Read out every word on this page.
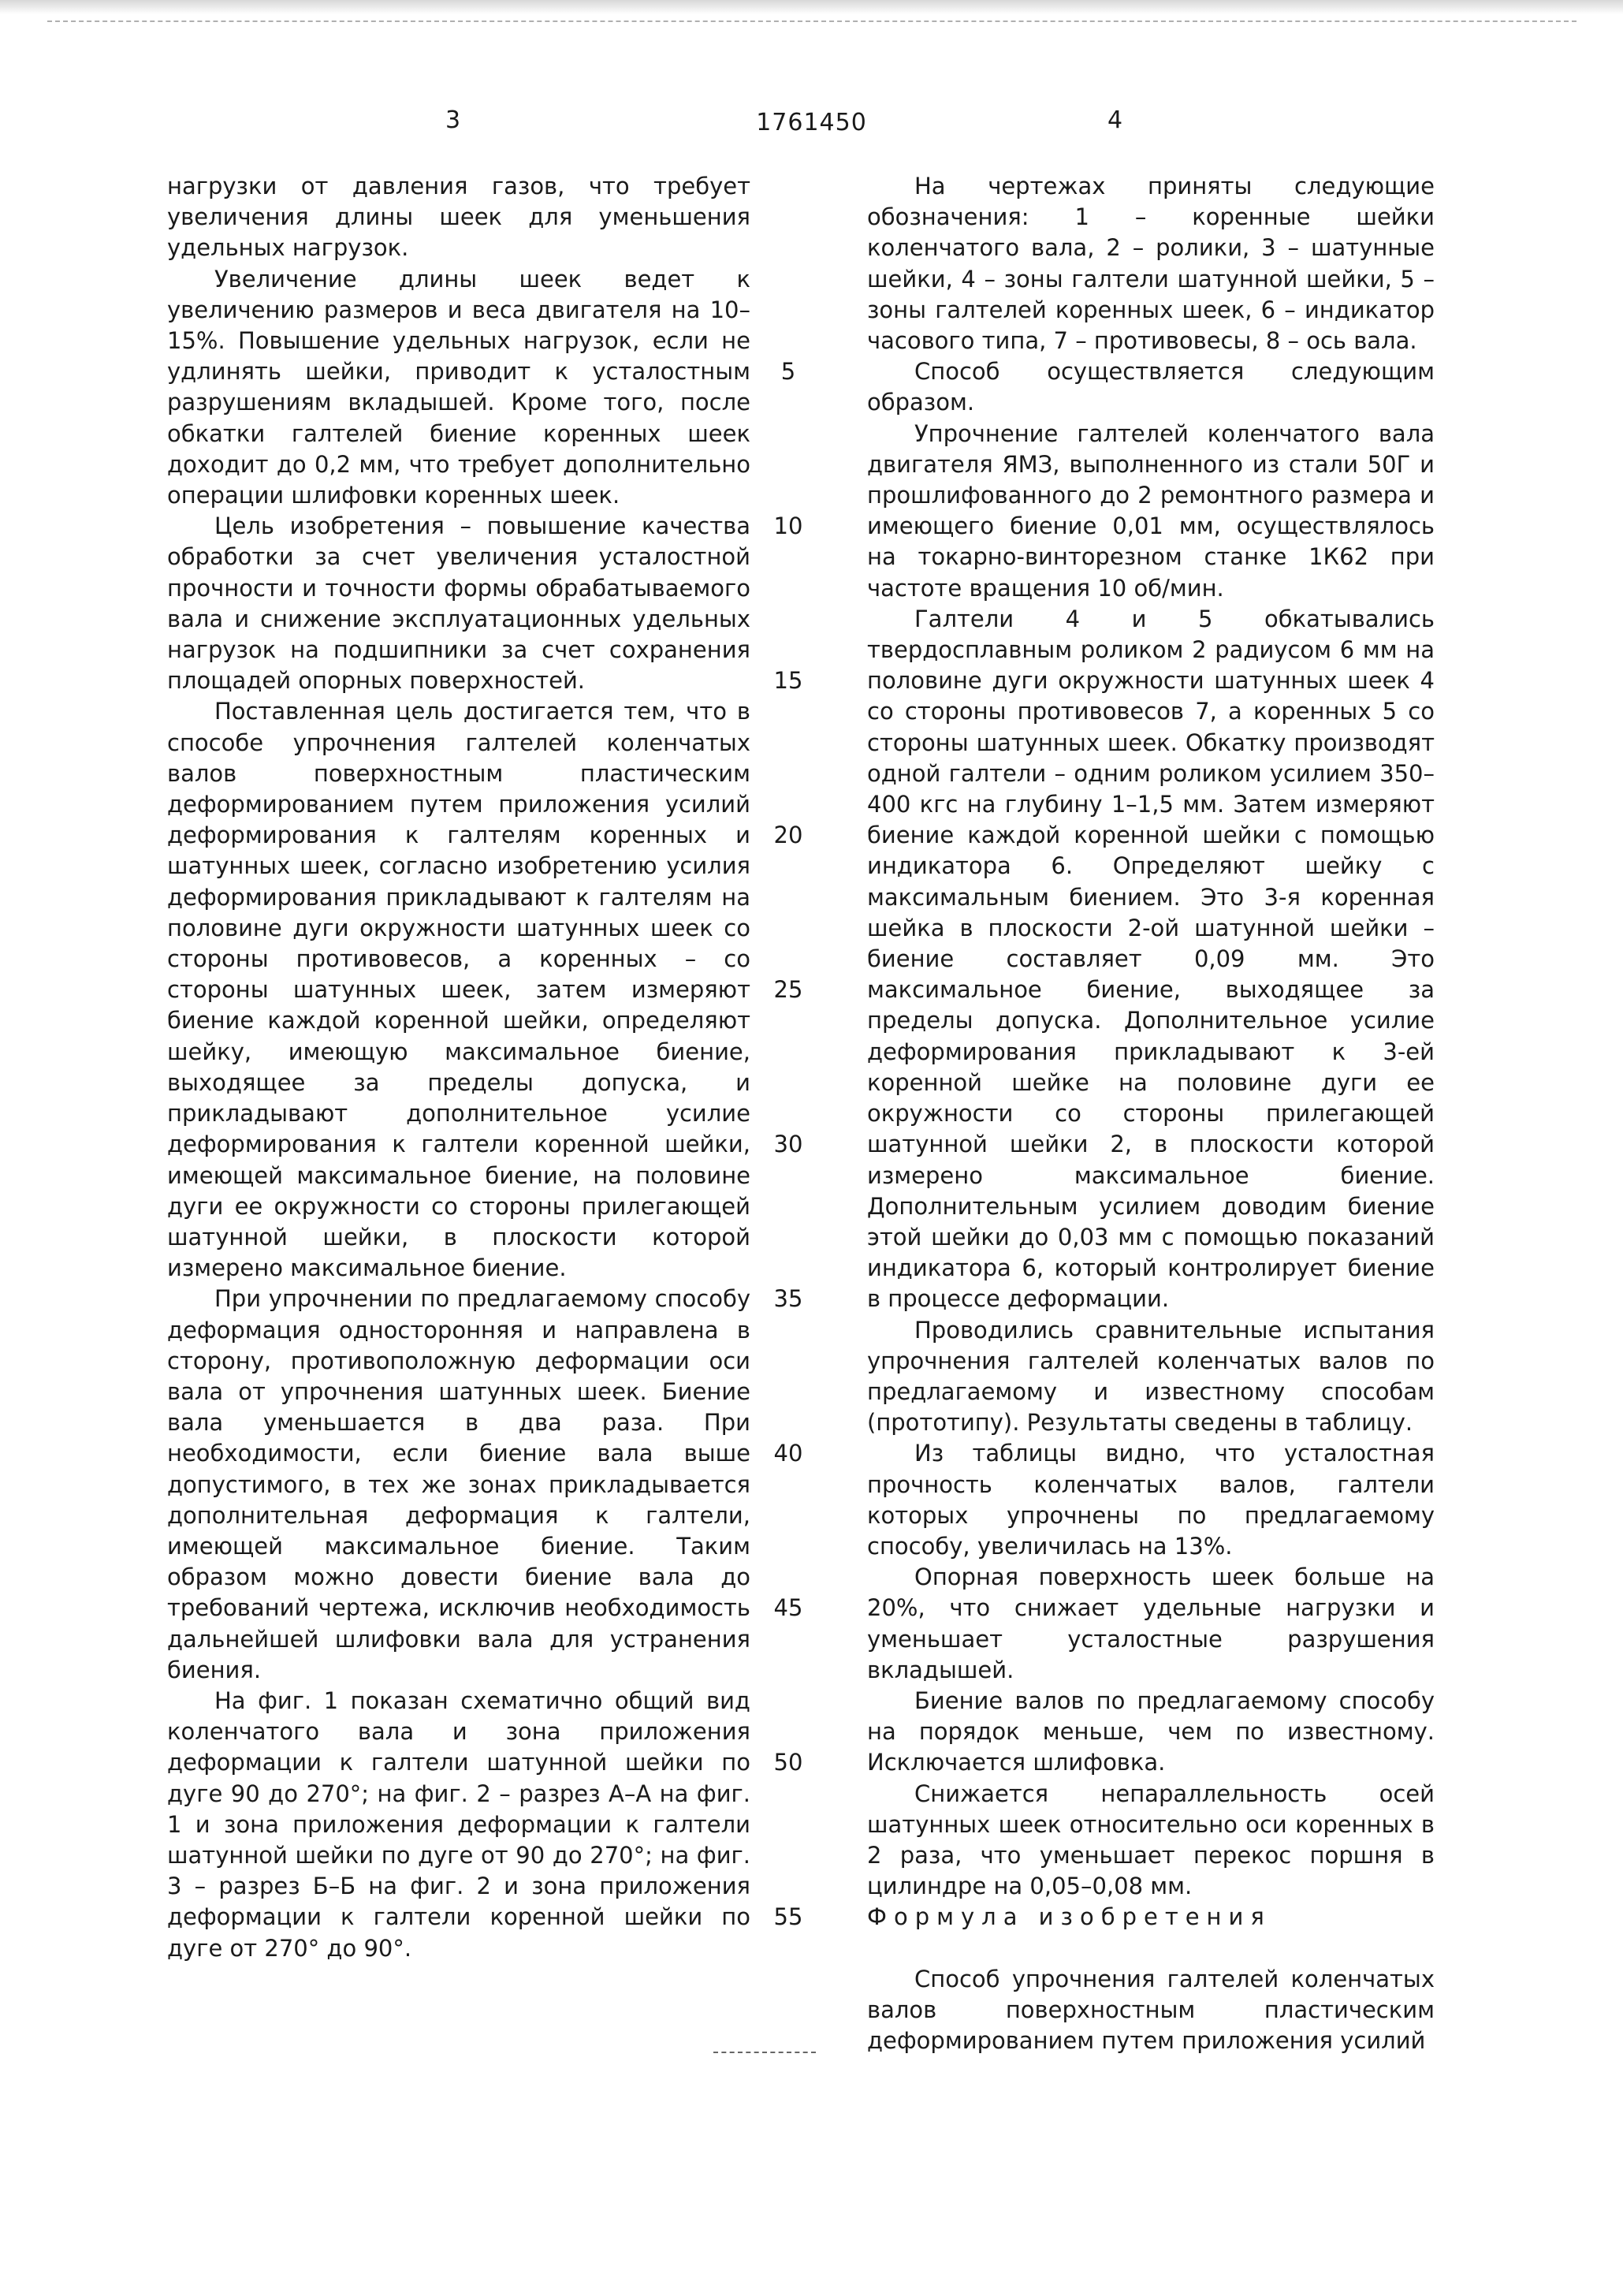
3	1761450	4

нагрузки от давления газов, что требует увеличения длины шеек для уменьшения удельных нагрузок.

Увеличение длины шеек ведет к увеличению размеров и веса двигателя на 10–15%. Повышение удельных нагрузок, если не удлинять шейки, приводит к усталостным разрушениям вкладышей. Кроме того, после обкатки галтелей биение коренных шеек доходит до 0,2 мм, что требует дополнительно операции шлифовки коренных шеек.

Цель изобретения – повышение качества обработки за счет увеличения усталостной прочности и точности формы обрабатываемого вала и снижение эксплуатационных удельных нагрузок на подшипники за счет сохранения площадей опорных поверхностей.

Поставленная цель достигается тем, что в способе упрочнения галтелей коленчатых валов поверхностным пластическим деформированием путем приложения усилий деформирования к галтелям коренных и шатунных шеек, согласно изобретению усилия деформирования прикладывают к галтелям на половине дуги окружности шатунных шеек со стороны противовесов, а коренных – со стороны шатунных шеек, затем измеряют биение каждой коренной шейки, определяют шейку, имеющую максимальное биение, выходящее за пределы допуска, и прикладывают дополнительное усилие деформирования к галтели коренной шейки, имеющей максимальное биение, на половине дуги ее окружности со стороны прилегающей шатунной шейки, в плоскости которой измерено максимальное биение.

При упрочнении по предлагаемому способу деформация односторонняя и направлена в сторону, противоположную деформации оси вала от упрочнения шатунных шеек. Биение вала уменьшается в два раза. При необходимости, если биение вала выше допустимого, в тех же зонах прикладывается дополнительная деформация к галтели, имеющей максимальное биение. Таким образом можно довести биение вала до требований чертежа, исключив необходимость дальнейшей шлифовки вала для устранения биения.

На фиг. 1 показан схематично общий вид коленчатого вала и зона приложения деформации к галтели шатунной шейки по дуге 90 до 270°; на фиг. 2 – разрез А–А на фиг. 1 и зона приложения деформации к галтели шатунной шейки по дуге от 90 до 270°; на фиг. 3 – разрез Б–Б на фиг. 2 и зона приложения деформации к галтели коренной шейки по дуге от 270° до 90°.

5
10
15
20
25
30
35
40
45
50
55

На чертежах приняты следующие обозначения: 1 – коренные шейки коленчатого вала, 2 – ролики, 3 – шатунные шейки, 4 – зоны галтели шатунной шейки, 5 – зоны галтелей коренных шеек, 6 – индикатор часового типа, 7 – противовесы, 8 – ось вала.

Способ осуществляется следующим образом.

Упрочнение галтелей коленчатого вала двигателя ЯМЗ, выполненного из стали 50Г и прошлифованного до 2 ремонтного размера и имеющего биение 0,01 мм, осуществлялось на токарно-винторезном станке 1К62 при частоте вращения 10 об/мин.

Галтели 4 и 5 обкатывались твердосплавным роликом 2 радиусом 6 мм на половине дуги окружности шатунных шеек 4 со стороны противовесов 7, а коренных 5 со стороны шатунных шеек. Обкатку производят одной галтели – одним роликом усилием 350–400 кгс на глубину 1–1,5 мм. Затем измеряют биение каждой коренной шейки с помощью индикатора 6. Определяют шейку с максимальным биением. Это 3-я коренная шейка в плоскости 2-ой шатунной шейки – биение составляет 0,09 мм. Это максимальное биение, выходящее за пределы допуска. Дополнительное усилие деформирования прикладывают к 3-ей коренной шейке на половине дуги ее окружности со стороны прилегающей шатунной шейки 2, в плоскости которой измерено максимальное биение. Дополнительным усилием доводим биение этой шейки до 0,03 мм с помощью показаний индикатора 6, который контролирует биение в процессе деформации.

Проводились сравнительные испытания упрочнения галтелей коленчатых валов по предлагаемому и известному способам (прототипу). Результаты сведены в таблицу.

Из таблицы видно, что усталостная прочность коленчатых валов, галтели которых упрочнены по предлагаемому способу, увеличилась на 13%.

Опорная поверхность шеек больше на 20%, что снижает удельные нагрузки и уменьшает усталостные разрушения вкладышей.

Биение валов по предлагаемому способу на порядок меньше, чем по известному. Исключается шлифовка.

Снижается непараллельность осей шатунных шеек относительно оси коренных в 2 раза, что уменьшает перекос поршня в цилиндре на 0,05–0,08 мм.

Формула изобретения

Способ упрочнения галтелей коленчатых валов поверхностным пластическим деформированием путем приложения усилий
